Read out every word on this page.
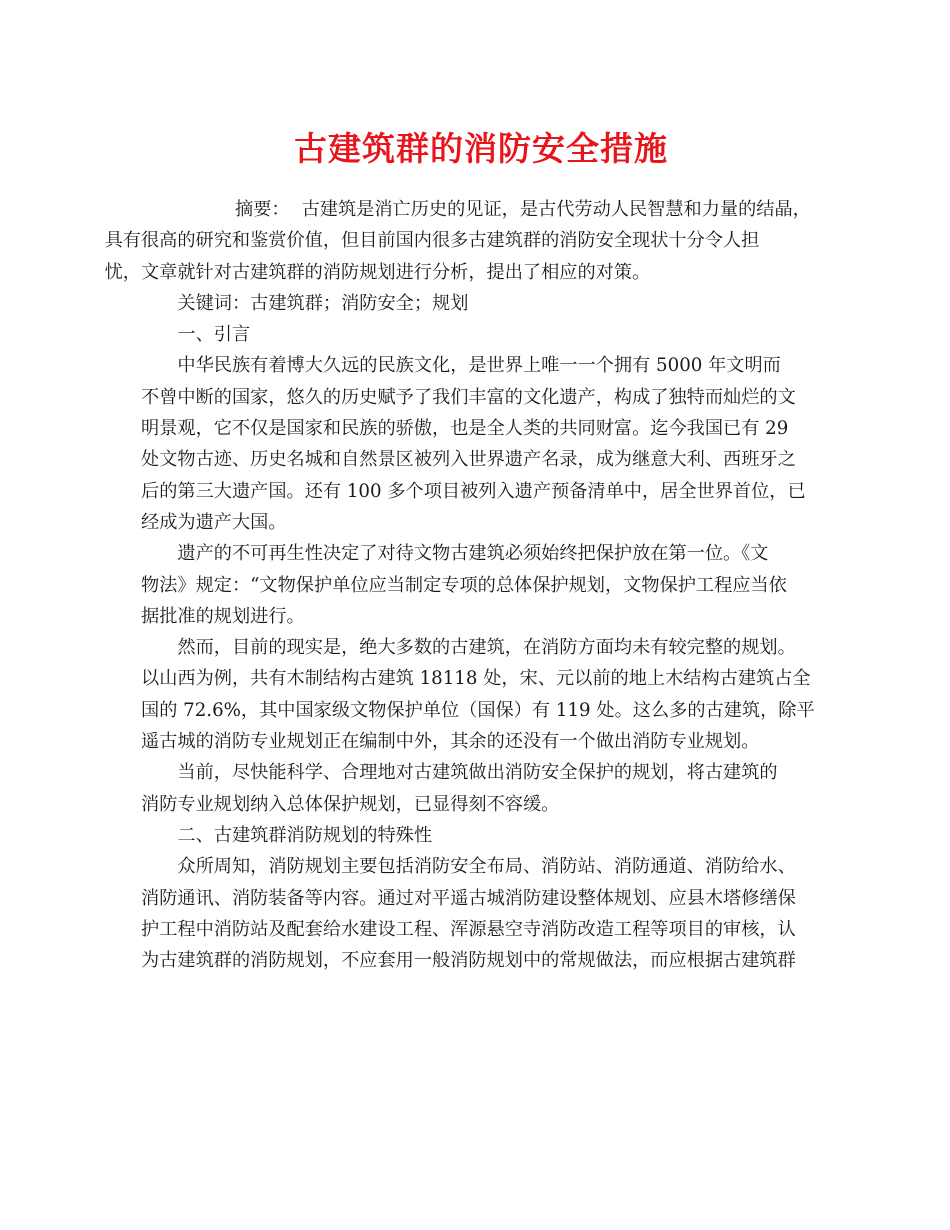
古建筑群的消防安全措施

摘要： 古建筑是消亡历史的见证，是古代劳动人民智慧和力量的结晶，
具有很高的研究和鉴赏价值，但目前国内很多古建筑群的消防安全现状十分令人担
忧，文章就针对古建筑群的消防规划进行分析，提出了相应的对策。

关键词：古建筑群；消防安全；规划

一、引言

中华民族有着博大久远的民族文化，是世界上唯一一个拥有 5000 年文明而
不曾中断的国家，悠久的历史赋予了我们丰富的文化遗产，构成了独特而灿烂的文
明景观，它不仅是国家和民族的骄傲，也是全人类的共同财富。迄今我国已有 29
处文物古迹、历史名城和自然景区被列入世界遗产名录，成为继意大利、西班牙之
后的第三大遗产国。还有 100 多个项目被列入遗产预备清单中，居全世界首位，已
经成为遗产大国。

遗产的不可再生性决定了对待文物古建筑必须始终把保护放在第一位。《文
物法》规定：“文物保护单位应当制定专项的总体保护规划，文物保护工程应当依
据批准的规划进行。

然而，目前的现实是，绝大多数的古建筑，在消防方面均未有较完整的规划。
以山西为例，共有木制结构古建筑 18118 处，宋、元以前的地上木结构古建筑占全
国的 72.6%，其中国家级文物保护单位（国保）有 119 处。这么多的古建筑，除平
遥古城的消防专业规划正在编制中外，其余的还没有一个做出消防专业规划。

当前，尽快能科学、合理地对古建筑做出消防安全保护的规划，将古建筑的
消防专业规划纳入总体保护规划，已显得刻不容缓。

二、古建筑群消防规划的特殊性

众所周知，消防规划主要包括消防安全布局、消防站、消防通道、消防给水、
消防通讯、消防装备等内容。通过对平遥古城消防建设整体规划、应县木塔修缮保
护工程中消防站及配套给水建设工程、浑源悬空寺消防改造工程等项目的审核，认
为古建筑群的消防规划，不应套用一般消防规划中的常规做法，而应根据古建筑群
